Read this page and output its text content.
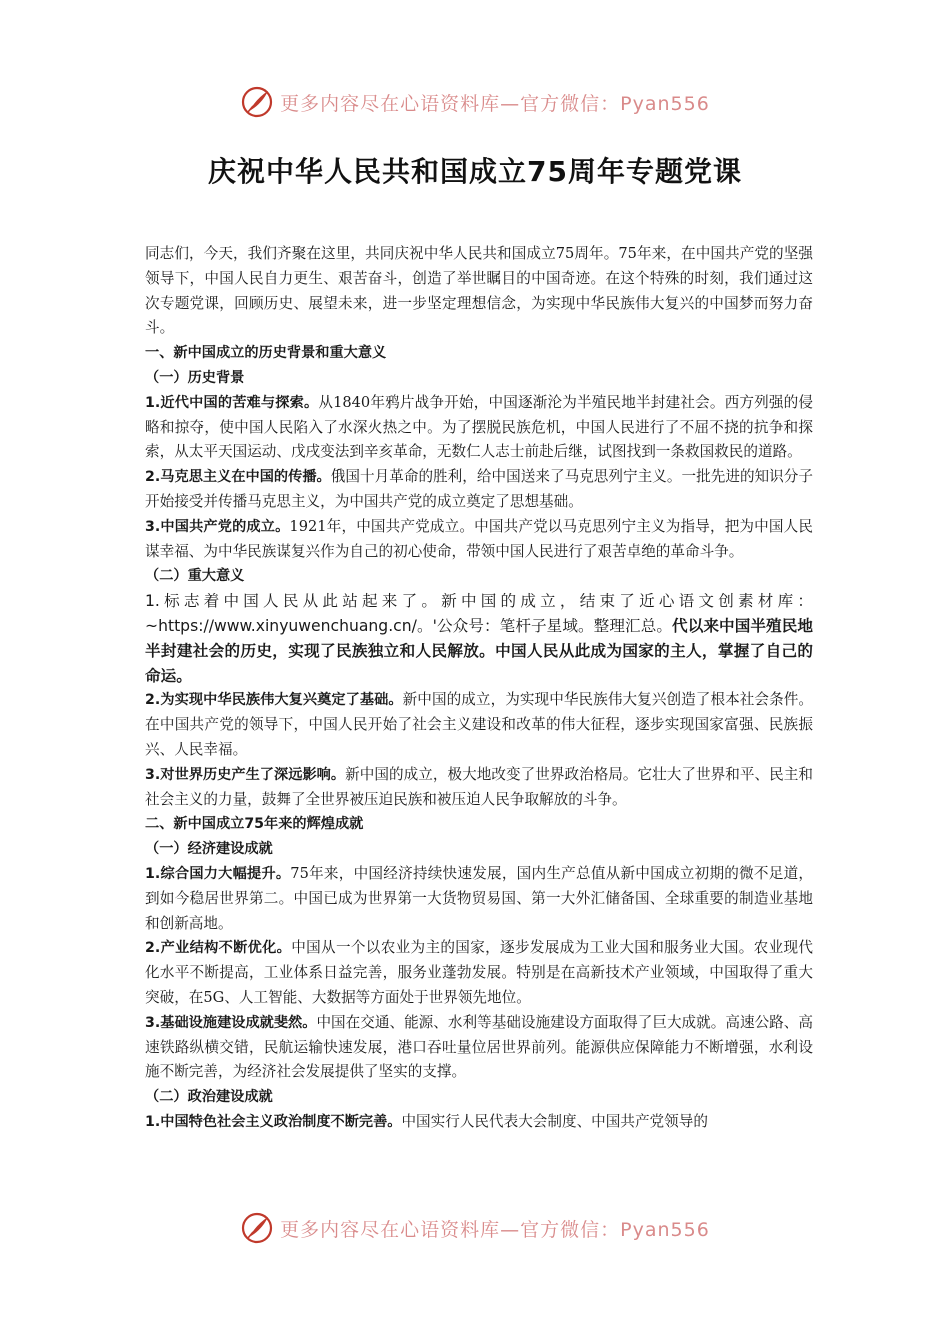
更多内容尽在心语资料库—官方微信：Pyan556
庆祝中华人民共和国成立75周年专题党课

同志们，今天，我们齐聚在这里，共同庆祝中华人民共和国成立75周年。75年来，在中国共产党的坚强领导下，中国人民自力更生、艰苦奋斗，创造了举世瞩目的中国奇迹。在这个特殊的时刻，我们通过这次专题党课，回顾历史、展望未来，进一步坚定理想信念，为实现中华民族伟大复兴的中国梦而努力奋斗。

一、新中国成立的历史背景和重大意义

（一）历史背景

1.近代中国的苦难与探索。从1840年鸦片战争开始，中国逐渐沦为半殖民地半封建社会。西方列强的侵略和掠夺，使中国人民陷入了水深火热之中。为了摆脱民族危机，中国人民进行了不屈不挠的抗争和探索，从太平天国运动、戊戌变法到辛亥革命，无数仁人志士前赴后继，试图找到一条救国救民的道路。

2.马克思主义在中国的传播。俄国十月革命的胜利，给中国送来了马克思列宁主义。一批先进的知识分子开始接受并传播马克思主义，为中国共产党的成立奠定了思想基础。

3.中国共产党的成立。1921年，中国共产党成立。中国共产党以马克思列宁主义为指导，把为中国人民谋幸福、为中华民族谋复兴作为自己的初心使命，带领中国人民进行了艰苦卓绝的革命斗争。

（二）重大意义

1.标志着中国人民从此站起来了。新中国的成立，结束了近心语文创素材库：~https://www.xinyuwenchuang.cn/。'公众号：笔杆子星域。整理汇总。代以来中国半殖民地半封建社会的历史，实现了民族独立和人民解放。中国人民从此成为国家的主人，掌握了自己的命运。

2.为实现中华民族伟大复兴奠定了基础。新中国的成立，为实现中华民族伟大复兴创造了根本社会条件。在中国共产党的领导下，中国人民开始了社会主义建设和改革的伟大征程，逐步实现国家富强、民族振兴、人民幸福。

3.对世界历史产生了深远影响。新中国的成立，极大地改变了世界政治格局。它壮大了世界和平、民主和社会主义的力量，鼓舞了全世界被压迫民族和被压迫人民争取解放的斗争。

二、新中国成立75年来的辉煌成就

（一）经济建设成就

1.综合国力大幅提升。75年来，中国经济持续快速发展，国内生产总值从新中国成立初期的微不足道，到如今稳居世界第二。中国已成为世界第一大货物贸易国、第一大外汇储备国、全球重要的制造业基地和创新高地。

2.产业结构不断优化。中国从一个以农业为主的国家，逐步发展成为工业大国和服务业大国。农业现代化水平不断提高，工业体系日益完善，服务业蓬勃发展。特别是在高新技术产业领域，中国取得了重大突破，在5G、人工智能、大数据等方面处于世界领先地位。

3.基础设施建设成就斐然。中国在交通、能源、水利等基础设施建设方面取得了巨大成就。高速公路、高速铁路纵横交错，民航运输快速发展，港口吞吐量位居世界前列。能源供应保障能力不断增强，水利设施不断完善，为经济社会发展提供了坚实的支撑。

（二）政治建设成就

1.中国特色社会主义政治制度不断完善。中国实行人民代表大会制度、中国共产党领导的

更多内容尽在心语资料库—官方微信：Pyan556
